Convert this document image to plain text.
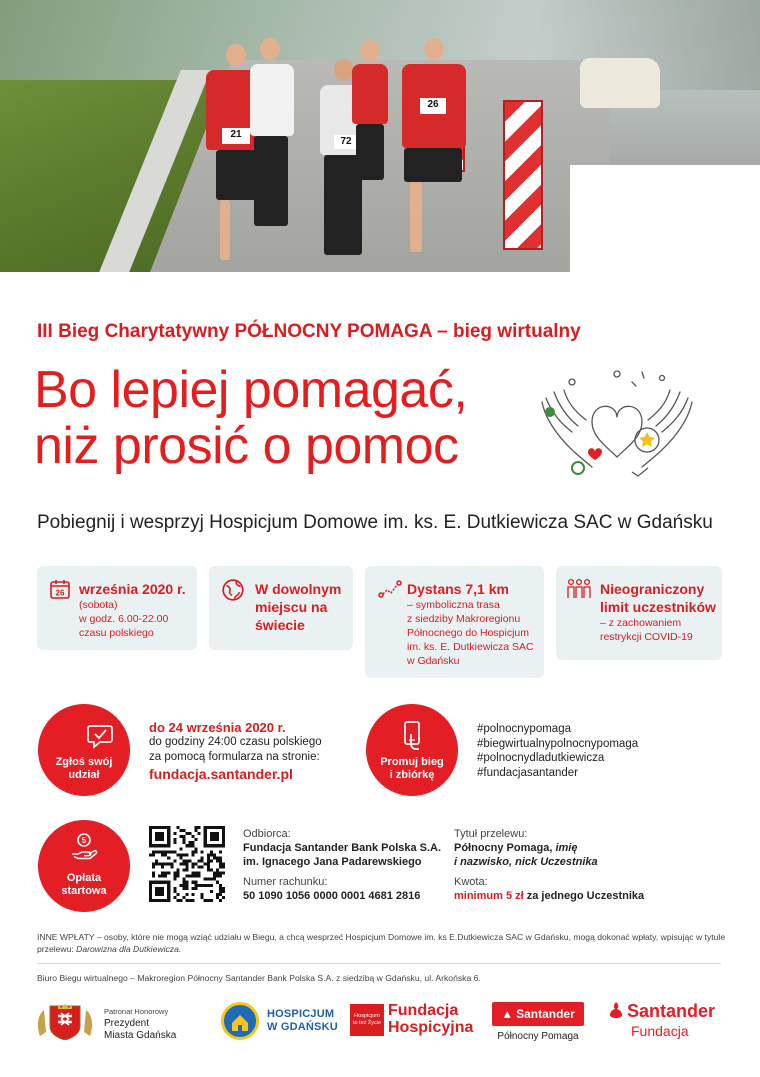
21
72
26
III Bieg Charytatywny PÓŁNOCNY POMAGA – bieg wirtualny
Bo lepiej pomagać,
niż prosić o pomoc
Pobiegnij i wesprzyj Hospicjum Domowe im. ks. E. Dutkiewicza SAC w Gdańsku
26 września 2020 r.
(sobota)
w godz. 6.00-22.00
czasu polskiego
W dowolnym
miejscu na
świecie
Dystans 7,1 km
– symboliczna trasa
z siedziby Makroregionu
Północnego do Hospicjum
im. ks. E. Dutkiewicza SAC
w Gdańsku
Nieograniczony
limit uczestników
– z zachowaniem
restrykcji COVID-19
Zgłoś swój
udział
do 24 września 2020 r.
do godziny 24:00 czasu polskiego
za pomocą formularza na stronie:
fundacja.santander.pl
Promuj bieg
i zbiórkę
#polnocnypomaga
#biegwirtualnypolnocnypomaga
#polnocnydladutkiewicza
#fundacjasantander
5
Opłata
startowa
Odbiorca:
Fundacja Santander Bank Polska S.A.
im. Ignacego Jana Padarewskiego
Numer rachunku:
50 1090 1056 0000 0001 4681 2816
Tytuł przelewu:
Północny Pomaga, imię
i nazwisko, nick Uczestnika
Kwota:
minimum 5 zł za jednego Uczestnika
INNE WPŁATY – osoby, które nie mogą wziąć udziału w Biegu, a chcą wesprzeć Hospicjum Domowe im. ks E.Dutkiewicza SAC w Gdańsku, mogą dokonać wpłaty, wpisując w tytule przelewu: Darowizna dla Dutkiewicza.
Biuro Biegu wirtualnego – Makroregion Północny Santander Bank Polska S.A. z siedzibą w Gdańsku, ul. Arkońska 6.
Patronat Honorowy
Prezydent
Miasta Gdańska
HOSPICJUM
W GDAŃSKU
Hospicjum to też Życie
Fundacja
Hospicyjna
▲ Santander
Północny Pomaga
Santander
Fundacja
